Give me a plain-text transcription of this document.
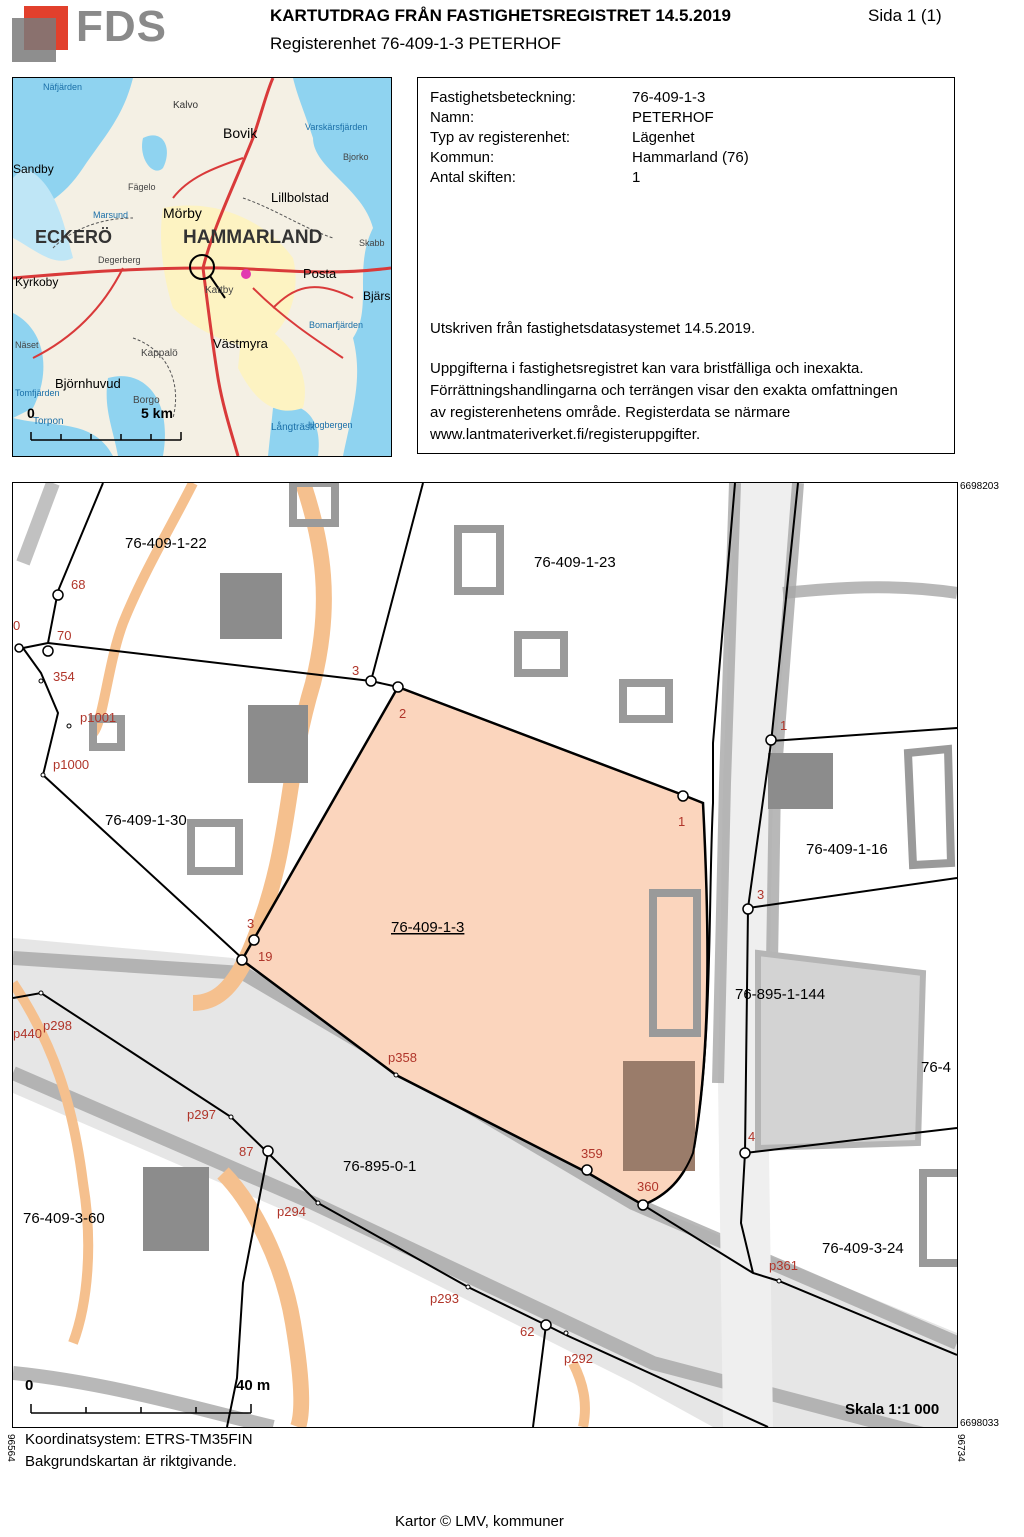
FDS	KARTUTDRAG FRÅN FASTIGHETSREGISTRET 14.5.2019
Registerenhet 76-409-1-3 PETERHOF
Sida 1 (1)
Bovik
Kalvo
Näfjärden
Mörby
Lillbolstad
ECKERÖ	HAMMARLAND
Degerberg
Posta
Kyrkoby
Kattby	Bjärs
Kappalö
Västmyra
Björnhuvud
Borgo
Torpon
Fägelo
Marsund
Skabb
Bjorko
Sandby
Varskärsfjärden
Bomarfjärden
Hogbergen
Långträsk
Tomfjärden
Näset
0	5 km
Fastighetsbeteckning:	76-409-1-3
Namn:	PETERHOF
Typ av registerenhet:	Lägenhet
Kommun:	Hammarland (76)
Antal skiften:	1
Utskriven från fastighetsdatasystemet 14.5.2019.
Uppgifterna i fastighetsregistret kan vara bristfälliga och inexakta.
Förrättningshandlingarna och terrängen visar den exakta omfattningen
av registerenhetens område. Registerdata se närmare
www.lantmateriverket.fi/registeruppgifter.
76-409-1-22
76-409-1-23
76-409-1-30
76-409-1-3
76-409-1-16
76-895-1-144
76-4
76-895-0-1
76-409-3-60
76-409-3-24
68
70
0
354	3
2
p1001
p1000
1
1
3
3
19
p358
p440
p298
p297
87	359
360
4
p294
p293
62
p292
p361
0	40 m
Skala 1:1 000
6698203
6698033
96564	96734
Koordinatsystem: ETRS-TM35FIN
Bakgrundskartan är riktgivande.
Kartor © LMV, kommuner
